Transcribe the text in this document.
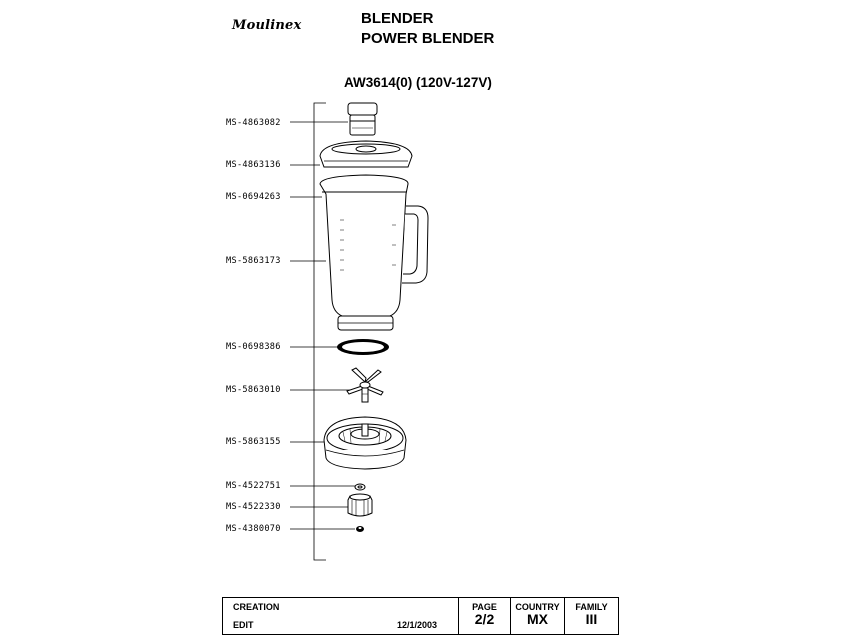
Moulinex	BLENDER
POWER BLENDER
AW3614(0) (120V-127V)
MS-4863082
MS-4863136
MS-0694263
MS-5863173
MS-0698386
MS-5863010
MS-5863155
MS-4522751
MS-4522330
MS-4380070
CREATION
EDIT	12/1/2003

PAGE
2/2

COUNTRY
MX

FAMILY
III
